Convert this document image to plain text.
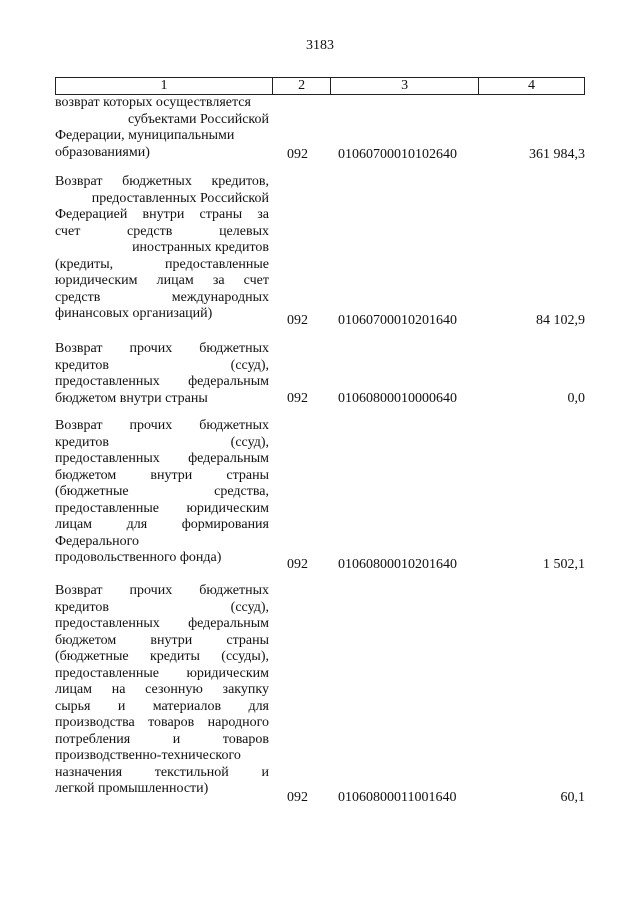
3183
1	2	3	4
возврат которых осуществляется
субъектами Российской
Федерации, муниципальными
образованиями)	092	01060700010102640	361 984,3
Возврат бюджетных кредитов,
предоставленных Российской
Федерацией внутри страны за
счет средств целевых
иностранных кредитов
(кредиты, предоставленные
юридическим лицам за счет
средств международных
финансовых организаций)	092	01060700010201640	84 102,9
Возврат прочих бюджетных
кредитов (ссуд),
предоставленных федеральным
бюджетом внутри страны	092	01060800010000640	0,0
Возврат прочих бюджетных
кредитов (ссуд),
предоставленных федеральным
бюджетом внутри страны
(бюджетные средства,
предоставленные юридическим
лицам для формирования
Федерального
продовольственного фонда)	092	01060800010201640	1 502,1
Возврат прочих бюджетных
кредитов (ссуд),
предоставленных федеральным
бюджетом внутри страны
(бюджетные кредиты (ссуды),
предоставленные юридическим
лицам на сезонную закупку
сырья и материалов для
производства товаров народного
потребления и товаров
производственно-технического
назначения текстильной и
легкой промышленности)
092	01060800011001640	60,1
